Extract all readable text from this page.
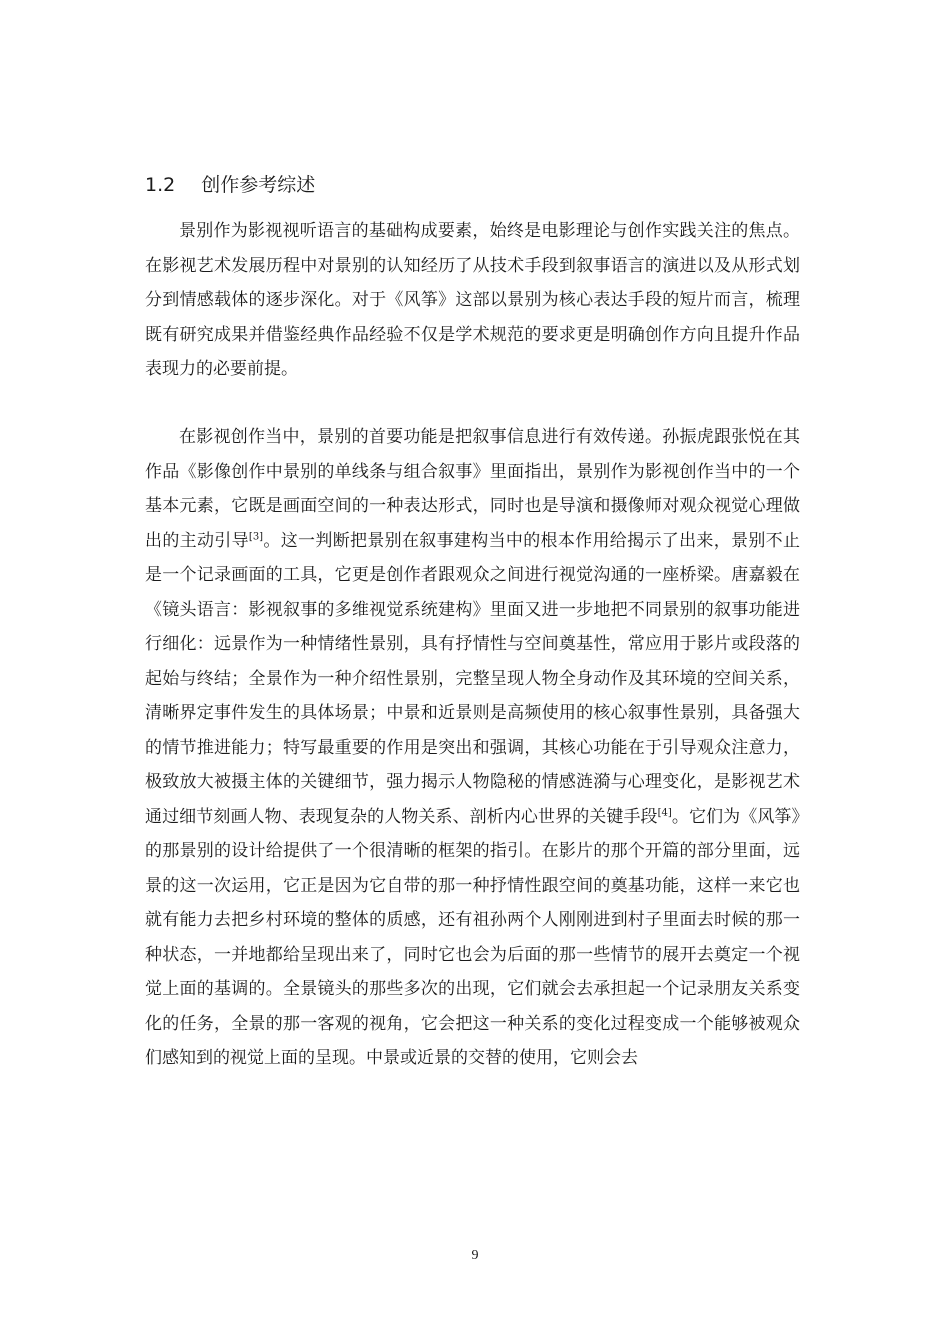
1.2 创作参考综述

景别作为影视视听语言的基础构成要素，始终是电影理论与创作实践关注的焦点。在影视艺术发展历程中对景别的认知经历了从技术手段到叙事语言的演进以及从形式划分到情感载体的逐步深化。对于《风筝》这部以景别为核心表达手段的短片而言，梳理既有研究成果并借鉴经典作品经验不仅是学术规范的要求更是明确创作方向且提升作品表现力的必要前提。

在影视创作当中，景别的首要功能是把叙事信息进行有效传递。孙振虎跟张悦在其作品《影像创作中景别的单线条与组合叙事》里面指出，景别作为影视创作当中的一个基本元素，它既是画面空间的一种表达形式，同时也是导演和摄像师对观众视觉心理做出的主动引导[3]。这一判断把景别在叙事建构当中的根本作用给揭示了出来，景别不止是一个记录画面的工具，它更是创作者跟观众之间进行视觉沟通的一座桥梁。唐嘉毅在《镜头语言：影视叙事的多维视觉系统建构》里面又进一步地把不同景别的叙事功能进行细化：远景作为一种情绪性景别，具有抒情性与空间奠基性，常应用于影片或段落的起始与终结；全景作为一种介绍性景别，完整呈现人物全身动作及其环境的空间关系，清晰界定事件发生的具体场景；中景和近景则是高频使用的核心叙事性景别，具备强大的情节推进能力；特写最重要的作用是突出和强调，其核心功能在于引导观众注意力，极致放大被摄主体的关键细节，强力揭示人物隐秘的情感涟漪与心理变化，是影视艺术通过细节刻画人物、表现复杂的人物关系、剖析内心世界的关键手段[4]。它们为《风筝》的那景别的设计给提供了一个很清晰的框架的指引。在影片的那个开篇的部分里面，远景的这一次运用，它正是因为它自带的那一种抒情性跟空间的奠基功能，这样一来它也就有能力去把乡村环境的整体的质感，还有祖孙两个人刚刚进到村子里面去时候的那一种状态，一并地都给呈现出来了，同时它也会为后面的那一些情节的展开去奠定一个视觉上面的基调的。全景镜头的那些多次的出现，它们就会去承担起一个记录朋友关系变化的任务，全景的那一客观的视角，它会把这一种关系的变化过程变成一个能够被观众们感知到的视觉上面的呈现。中景或近景的交替的使用，它则会去

9
